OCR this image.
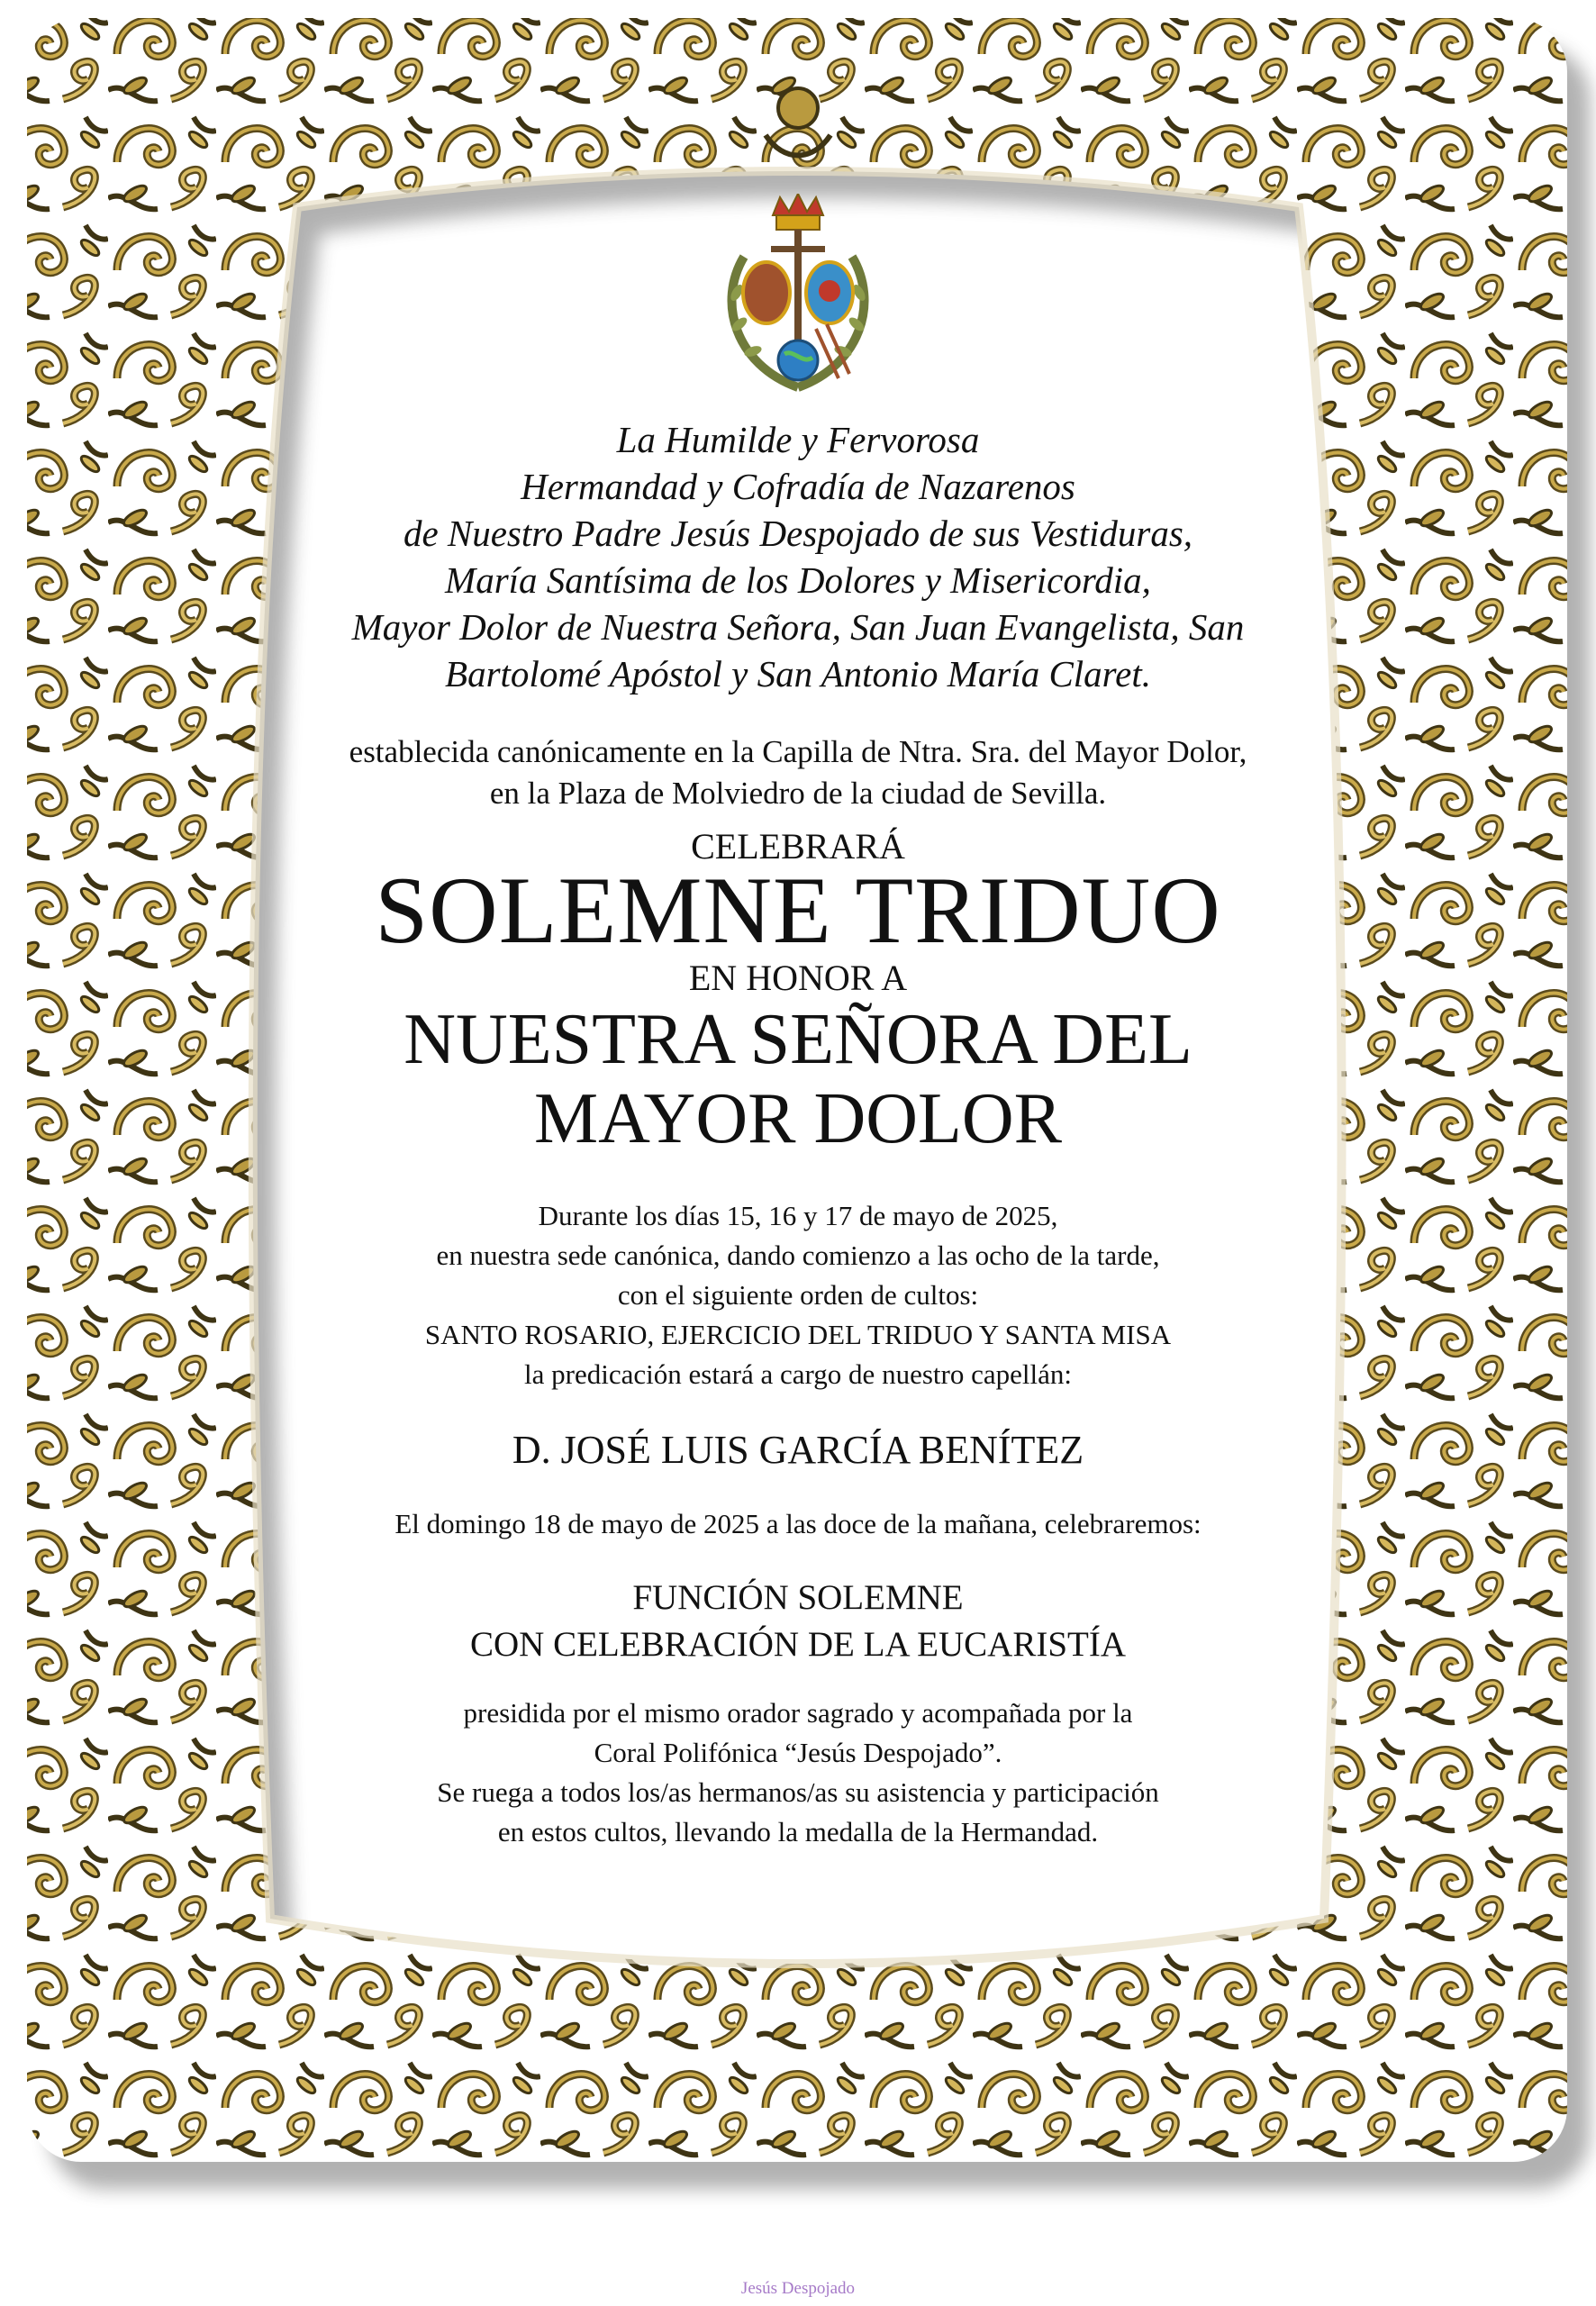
La Humilde y Fervorosa
Hermandad y Cofradía de Nazarenos
de Nuestro Padre Jesús Despojado de sus Vestiduras,
María Santísima de los Dolores y Misericordia,
Mayor Dolor de Nuestra Señora, San Juan Evangelista, San
Bartolomé Apóstol y San Antonio María Claret.
establecida canónicamente en la Capilla de Ntra. Sra. del Mayor Dolor,
en la Plaza de Molviedro de la ciudad de Sevilla.
CELEBRARÁ
SOLEMNE TRIDUO
EN HONOR A
NUESTRA SEÑORA DEL
MAYOR DOLOR
Durante los días 15, 16 y 17 de mayo de 2025,
en nuestra sede canónica, dando comienzo a las ocho de la tarde,
con el siguiente orden de cultos:
SANTO ROSARIO, EJERCICIO DEL TRIDUO Y SANTA MISA
la predicación estará a cargo de nuestro capellán:
D. JOSÉ LUIS GARCÍA BENÍTEZ
El domingo 18 de mayo de 2025 a las doce de la mañana, celebraremos:
FUNCIÓN SOLEMNE
CON CELEBRACIÓN DE LA EUCARISTÍA
presidida por el mismo orador sagrado y acompañada por la
Coral Polifónica “Jesús Despojado”.
Se ruega a todos los/as hermanos/as su asistencia y participación
en estos cultos, llevando la medalla de la Hermandad.
Jesús Despojado
